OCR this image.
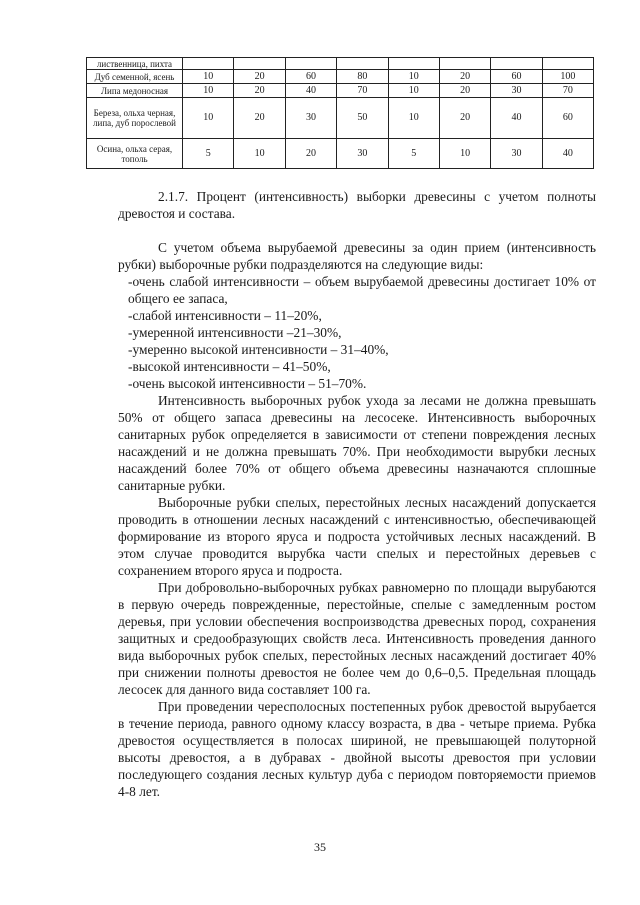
лиственница, пихта								
Дуб семенной, ясень	10	20	60	80	10	20	60	100
Липа медоносная	10	20	40	70	10	20	30	70
Береза, ольха черная, липа, дуб порослевой	10	20	30	50	10	20	40	60
Осина, ольха серая, тополь	5	10	20	30	5	10	30	40

2.1.7. Процент (интенсивность) выборки древесины с учетом полноты древостоя и состава.

С учетом объема вырубаемой древесины за один прием (интенсивность рубки) выборочные рубки подразделяются на следующие виды:

-очень слабой интенсивности – объем вырубаемой древесины достигает 10% от общего ее запаса,

-слабой интенсивности – 11–20%,

-умеренной интенсивности –21–30%,

-умеренно высокой интенсивности – 31–40%,

-высокой интенсивности – 41–50%,

-очень высокой интенсивности – 51–70%.

Интенсивность выборочных рубок ухода за лесами не должна превышать 50% от общего запаса древесины на лесосеке. Интенсивность выборочных санитарных рубок определяется в зависимости от степени повреждения лесных насаждений и не должна превышать 70%. При необходимости вырубки лесных насаждений более 70% от общего объема древесины назначаются сплошные санитарные рубки.

Выборочные рубки спелых, перестойных лесных насаждений допускается проводить в отношении лесных насаждений с интенсивностью, обеспечивающей формирование из второго яруса и подроста устойчивых лесных насаждений. В этом случае проводится вырубка части спелых и перестойных деревьев с сохранением второго яруса и подроста.

При добровольно-выборочных рубках равномерно по площади вырубаются в первую очередь поврежденные, перестойные, спелые с замедленным ростом деревья, при условии обеспечения воспроизводства древесных пород, сохранения защитных и средообразующих свойств леса. Интенсивность проведения данного вида выборочных рубок спелых, перестойных лесных насаждений достигает 40% при снижении полноты древостоя не более чем до 0,6–0,5. Предельная площадь лесосек для данного вида составляет 100 га.

При проведении чересполосных постепенных рубок древостой вырубается в течение периода, равного одному классу возраста, в два - четыре приема. Рубка древостоя осуществляется в полосах шириной, не превышающей полуторной высоты древостоя, а в дубравах - двойной высоты древостоя при условии последующего создания лесных культур дуба с периодом повторяемости приемов 4-8 лет.

35
